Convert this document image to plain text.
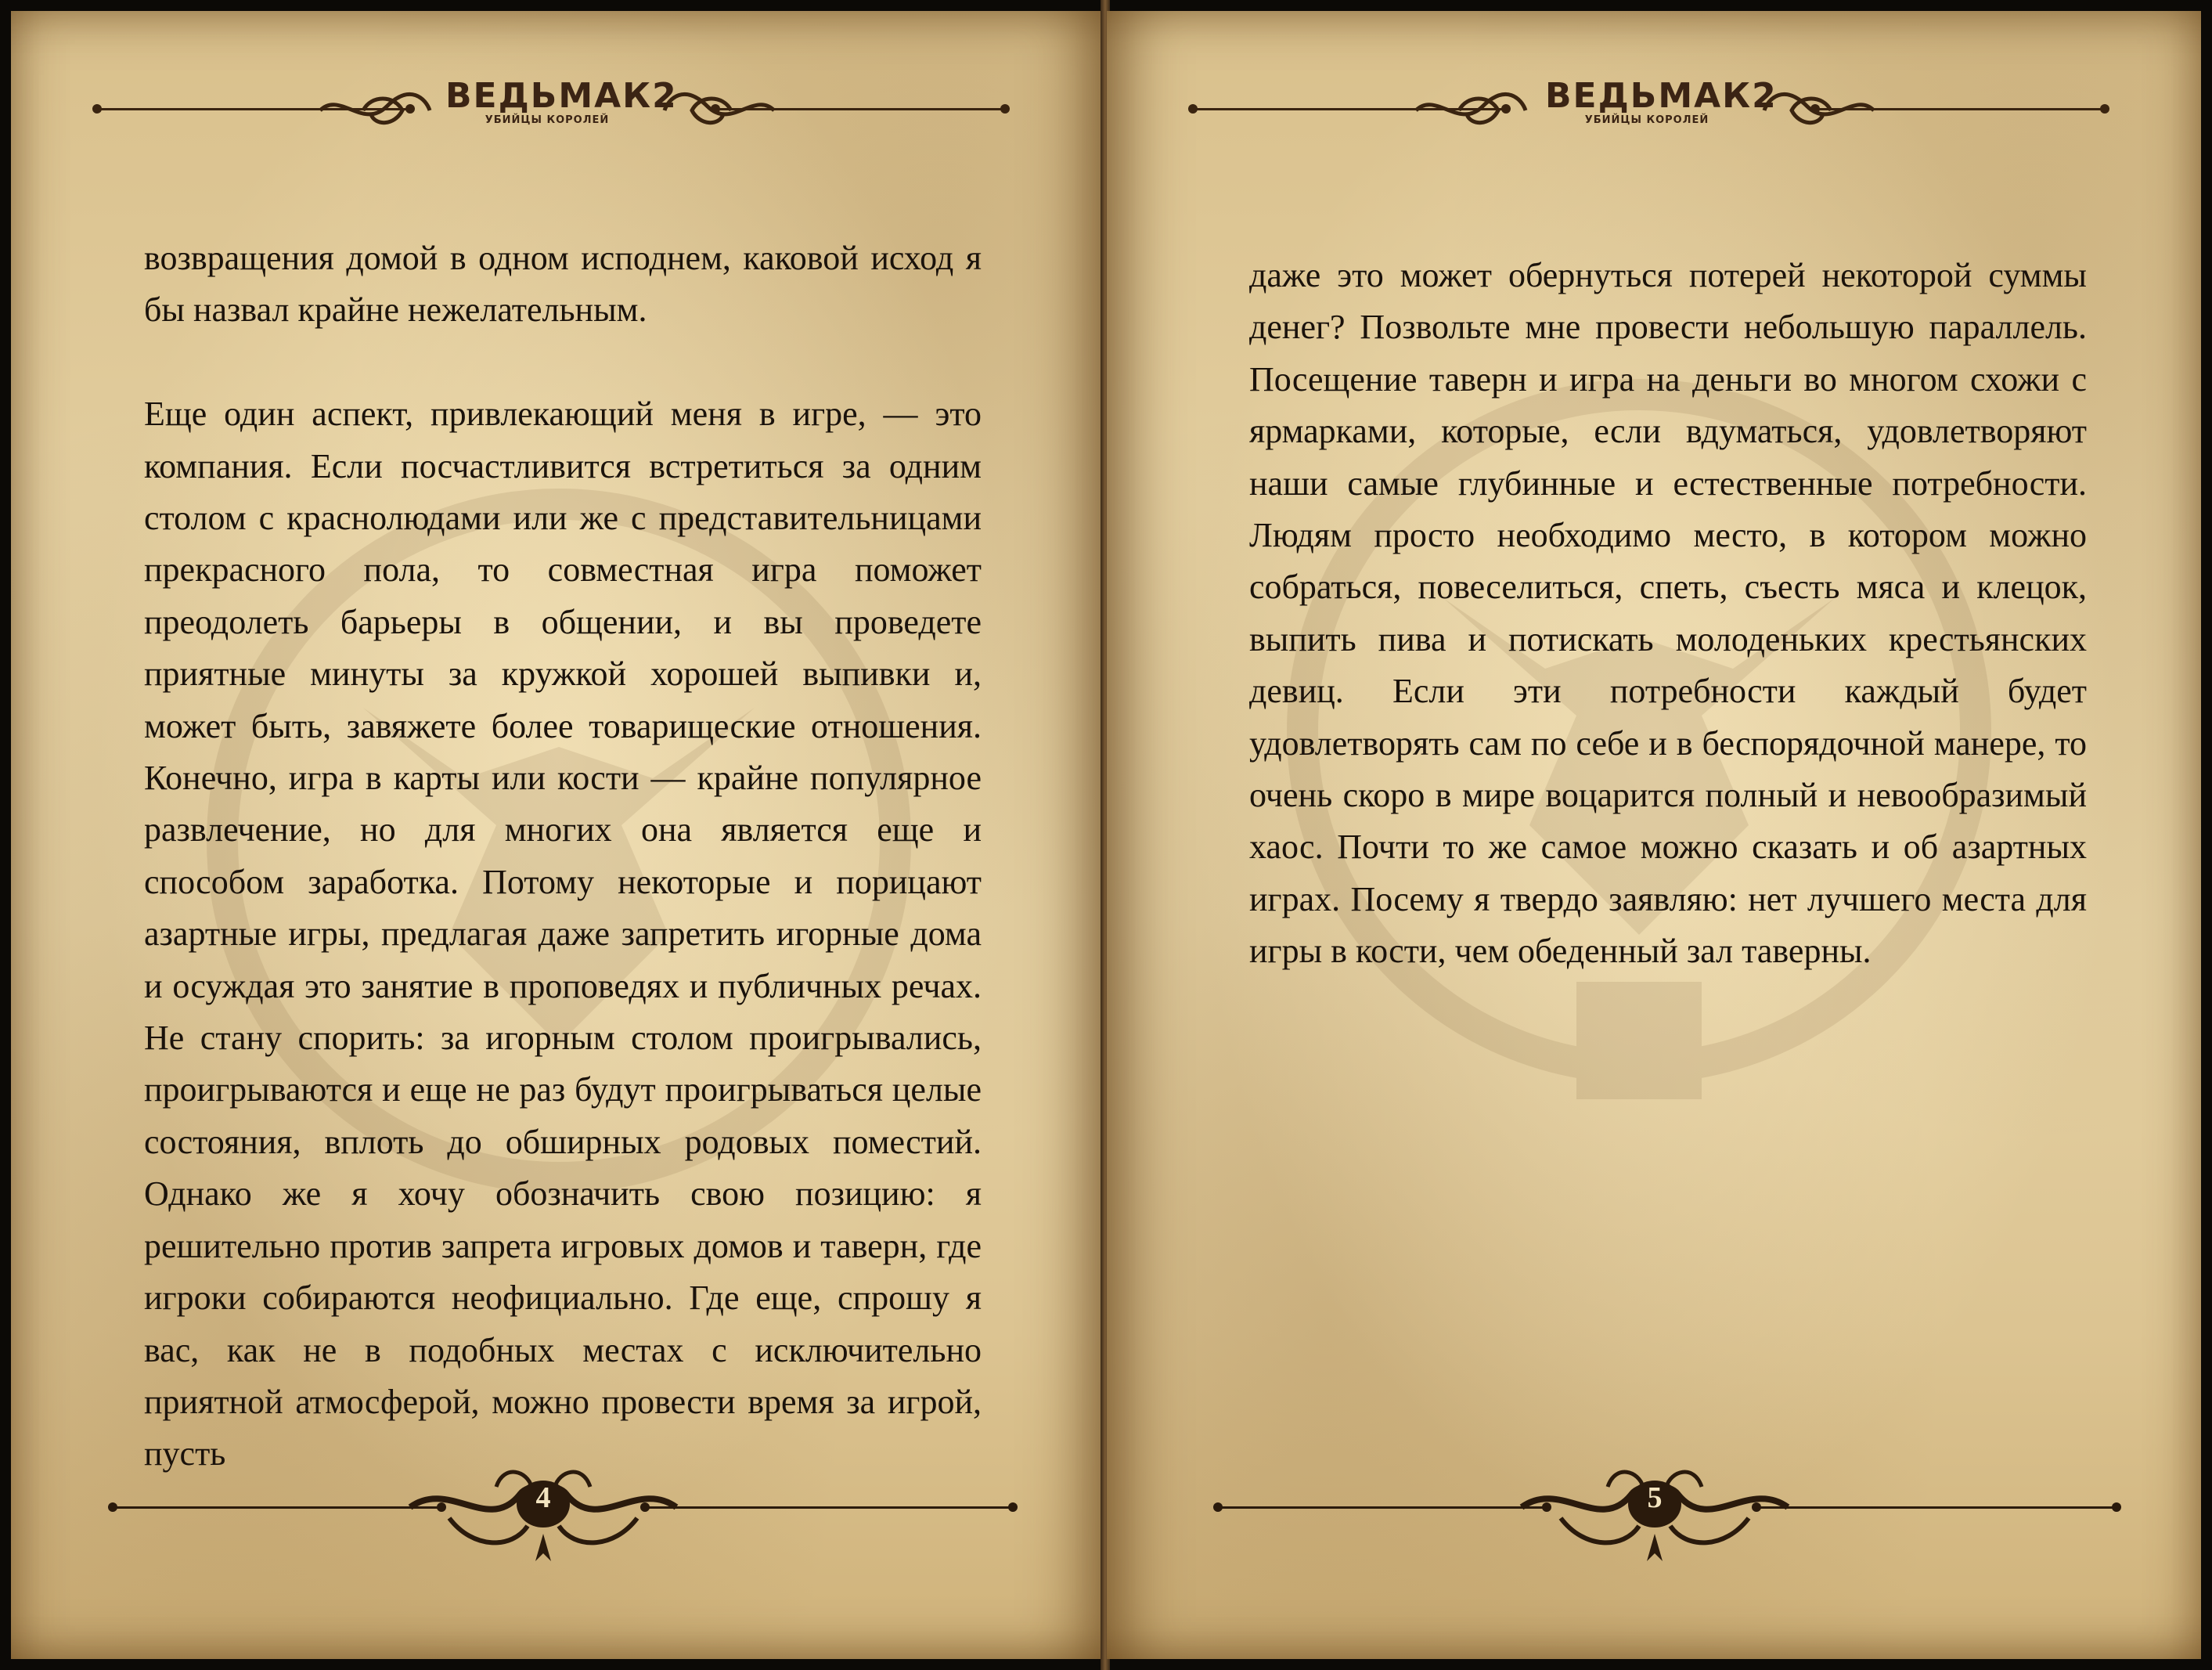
ВЕДЬМАК2
УБИЙЦЫ КОРОЛЕЙ

возвращения домой в одном исподнем, каковой исход я бы назвал крайне нежелательным.

Еще один аспект, привлекающий меня в игре, — это компания. Если посчастливится встретиться за одним столом с краснолюдами или же с представительницами прекрасного пола, то совместная игра поможет преодолеть барьеры в общении, и вы проведете приятные минуты за кружкой хорошей выпивки и, может быть, завяжете более товарищеские отношения. Конечно, игра в карты или кости — крайне популярное развлечение, но для многих она является еще и способом заработка. Потому некоторые и порицают азартные игры, предлагая даже запретить игорные дома и осуждая это занятие в проповедях и публичных речах. Не стану спорить: за игорным столом проигрывались, проигрываются и еще не раз будут проигрываться целые состояния, вплоть до обширных родовых поместий. Однако же я хочу обозначить свою позицию: я решительно против запрета игровых домов и таверн, где игроки собираются неофициально. Где еще, спрошу я вас, как не в подобных местах с исключительно приятной атмосферой, можно провести время за игрой, пусть

4
ВЕДЬМАК2
УБИЙЦЫ КОРОЛЕЙ

даже это может обернуться потерей некоторой суммы денег? Позвольте мне провести небольшую параллель. Посещение таверн и игра на деньги во многом схожи с ярмарками, которые, если вдуматься, удовлетворяют наши самые глубинные и естественные потребности. Людям просто необходимо место, в котором можно собраться, повеселиться, спеть, съесть мяса и клецок, выпить пива и потискать молоденьких крестьянских девиц. Если эти потребности каждый будет удовлетворять сам по себе и в беспорядочной манере, то очень скоро в мире воцарится полный и невообразимый хаос. Почти то же самое можно сказать и об азартных играх. Посему я твердо заявляю: нет лучшего места для игры в кости, чем обеденный зал таверны.

5
